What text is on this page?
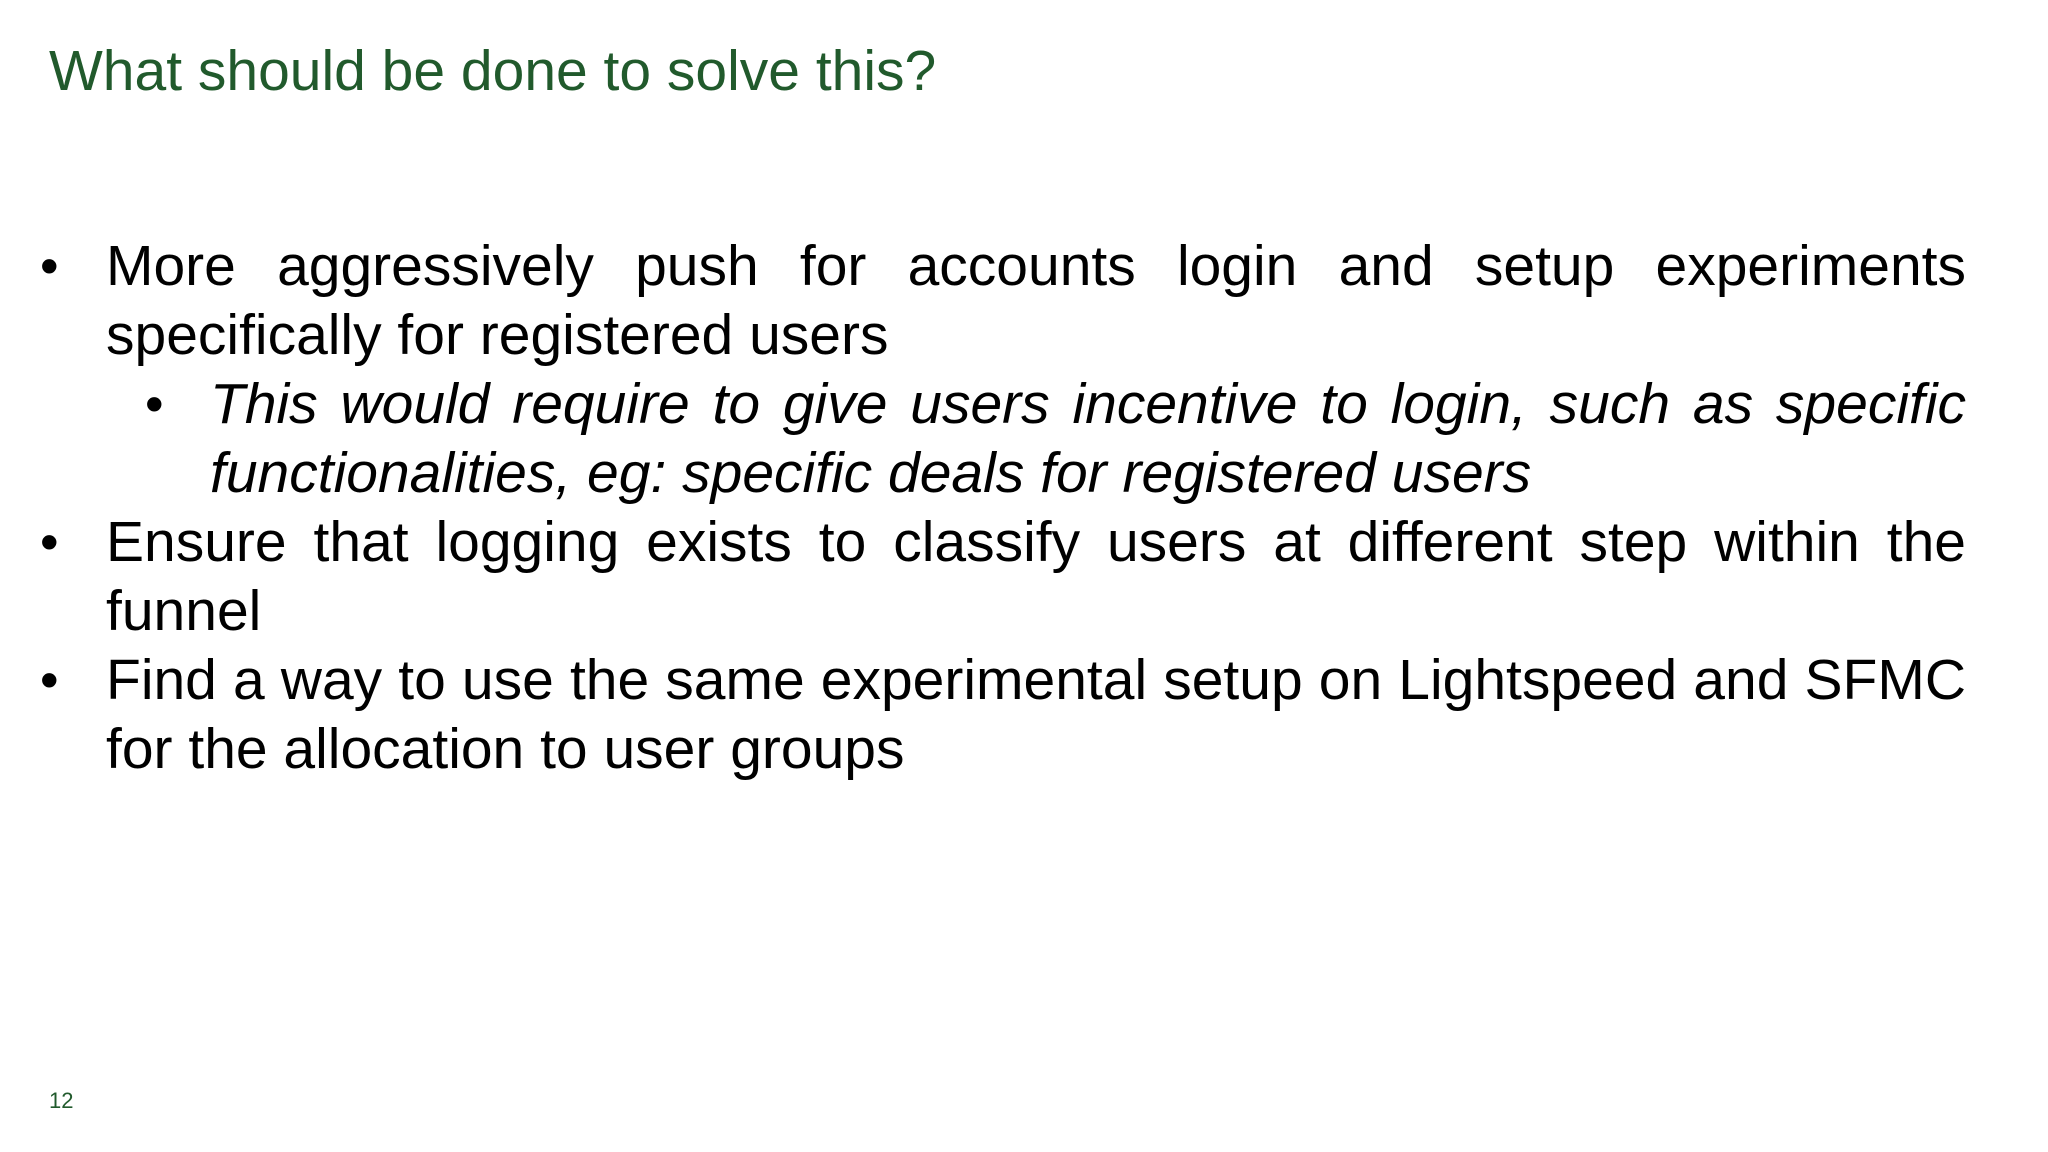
What should be done to solve this?
• More aggressively push for accounts login and setup experiments specifically for registered users

• This would require to give users incentive to login, such as specific functionalities, eg: specific deals for registered users

• Ensure that logging exists to classify users at different step within the funnel

• Find a way to use the same experimental setup on Lightspeed and SFMC for the allocation to user groups

12
